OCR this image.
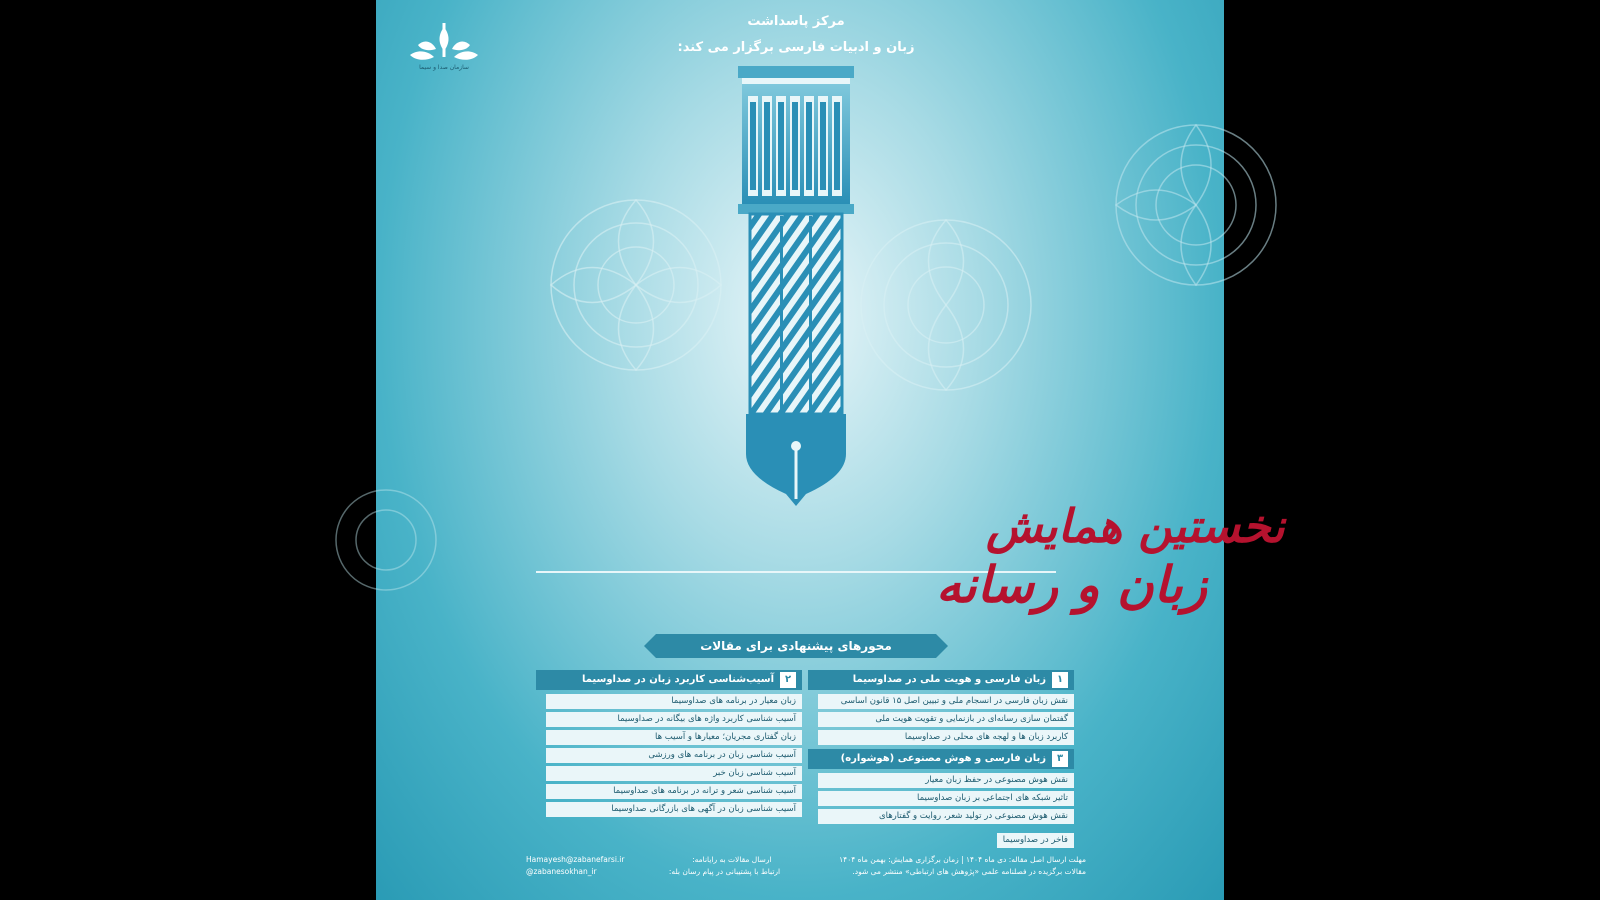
سازمان صدا و سیما
مرکز پاسداشت
زبان و ادبیات فارسی برگزار می کند:
نخستین همایش
زبان و رسانه
محورهای پیشنهادی برای مقالات
۱
زبان فارسی و هویت ملی در صداوسیما
نقش زبان فارسی در انسجام ملی و تبیین اصل ۱۵ قانون اساسی
گفتمان سازی رسانه‌ای در بازنمایی و تقویت هویت ملی
کاربرد زبان ها و لهجه های محلی در صداوسیما
۳
زبان فارسی و هوش مصنوعی (هوشواره)
نقش هوش مصنوعی در حفظ زبان معیار
تاثیر شبکه های اجتماعی بر زبان صداوسیما
نقش هوش مصنوعی در تولید شعر، روایت و گفتارهای
فاخر در صداوسیما
۲
آسیب‌شناسی کاربرد زبان در صداوسیما
زبان معیار در برنامه های صداوسیما
آسیب شناسی کاربرد واژه های بیگانه در صداوسیما
زبان گفتاری مجریان؛ معیارها و آسیب ها
آسیب شناسی زبان در برنامه های ورزشی
آسیب شناسی زبان خبر
آسیب شناسی شعر و ترانه در برنامه های صداوسیما
آسیب شناسی زبان در آگهی های بازرگانی صداوسیما
Hamayesh@zabanefarsi.ir	ارسال مقالات به رایانامه:	مهلت ارسال اصل مقاله: دی ماه ۱۴۰۴ | زمان برگزاری همایش: بهمن ماه ۱۴۰۴
@zabanesokhan_ir	ارتباط با پشتیبانی در پیام رسان بله:	مقالات برگزیده در فصلنامه علمی «پژوهش های ارتباطی» منتشر می شود.
